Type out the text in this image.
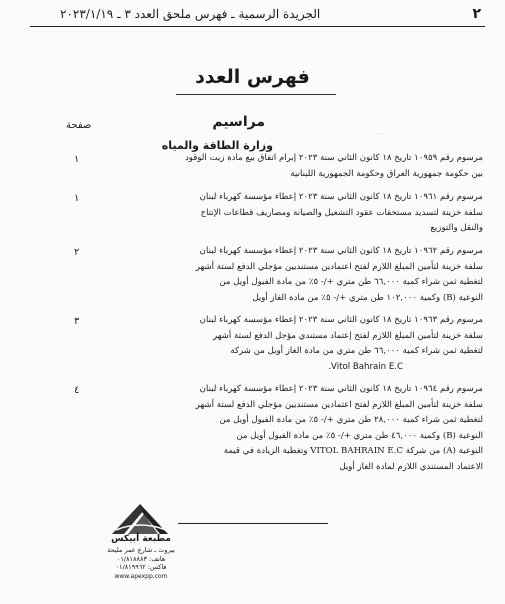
٢
الجريدة الرسمية ـ فهرس ملحق العدد ٣ ـ ٢٠٢٣/١/١٩
فهرس العدد
مراسيم
صفحة
وزارة الطاقة والمياه
· · · ·

مرسوم رقم ١٠٩٥٩ تاريخ ١٨ كانون الثاني سنة ٢٠٢٣ إبرام اتفاق بيع مادة زيت الوقود

بين حكومة جمهورية العراق وحكومة الجمهورية اللبنانية

١

مرسوم رقم ١٠٩٦١ تاريخ ١٨ كانون الثاني سنة ٢٠٢٣ إعطاء مؤسسة كهرباء لبنان

سلفة خزينة لتسديد مستحقات عقود التشغيل والصيانة ومصاريف قطاعات الإنتاج

والنقل والتوزيع

١

مرسوم رقم ١٠٩٦٢ تاريخ ١٨ كانون الثاني سنة ٢٠٢٣ إعطاء مؤسسة كهرباء لبنان

سلفة خزينة لتأمين المبلغ اللازم لفتح اعتمادين مستنديين مؤجلي الدفع لستة أشهر

لتغطية ثمن شراء كمية ٦٦,٠٠٠ طن متري +/- ٥٪ من مادة الفيول أويل من

النوعية (B) وكمية ١٠٢,٠٠٠ طن متري +/- ٥٪ من مادة الغاز أويل

٢

مرسوم رقم ١٠٩٦٣ تاريخ ١٨ كانون الثاني سنة ٢٠٢٣ إعطاء مؤسسة كهرباء لبنان

سلفة خزينة لتأمين المبلغ اللازم لفتح إعتماد مستندي مؤجل الدفع لستة أشهر

لتغطية ثمن شراء كمية ٦٦,٠٠٠ طن متري من مادة الغاز أويل من شركة

Vitol Bahrain E.C.

٣

مرسوم رقم ١٠٩٦٤ تاريخ ١٨ كانون الثاني سنة ٢٠٢٣ إعطاء مؤسسة كهرباء لبنان

سلفة خزينة لتأمين المبلغ اللازم لفتح اعتمادين مستنديين مؤجلي الدفع لستة أشهر

لتغطية ثمن شراء كمية ٢٨,٠٠٠ طن متري +/- ٥٪ من مادة الفيول أويل من

النوعية (B) وكمية ٤٦,٠٠٠ طن متري +/- ٥٪ من مادة الفيول أويل من

النوعية (A) من شركة VITOL BAHRAIN E.C وتغطية الزيادة في قيمة

الاعتماد المستندي اللازم لمادة الغاز أويل

٤
مطبعة أبيكس
بيروت ـ شارع عمر مليحة
هاتف: ٠١/٨١٨٨٨٣
فاكس: ٠١/٨١٩٩٦٢
www.apexpp.com
